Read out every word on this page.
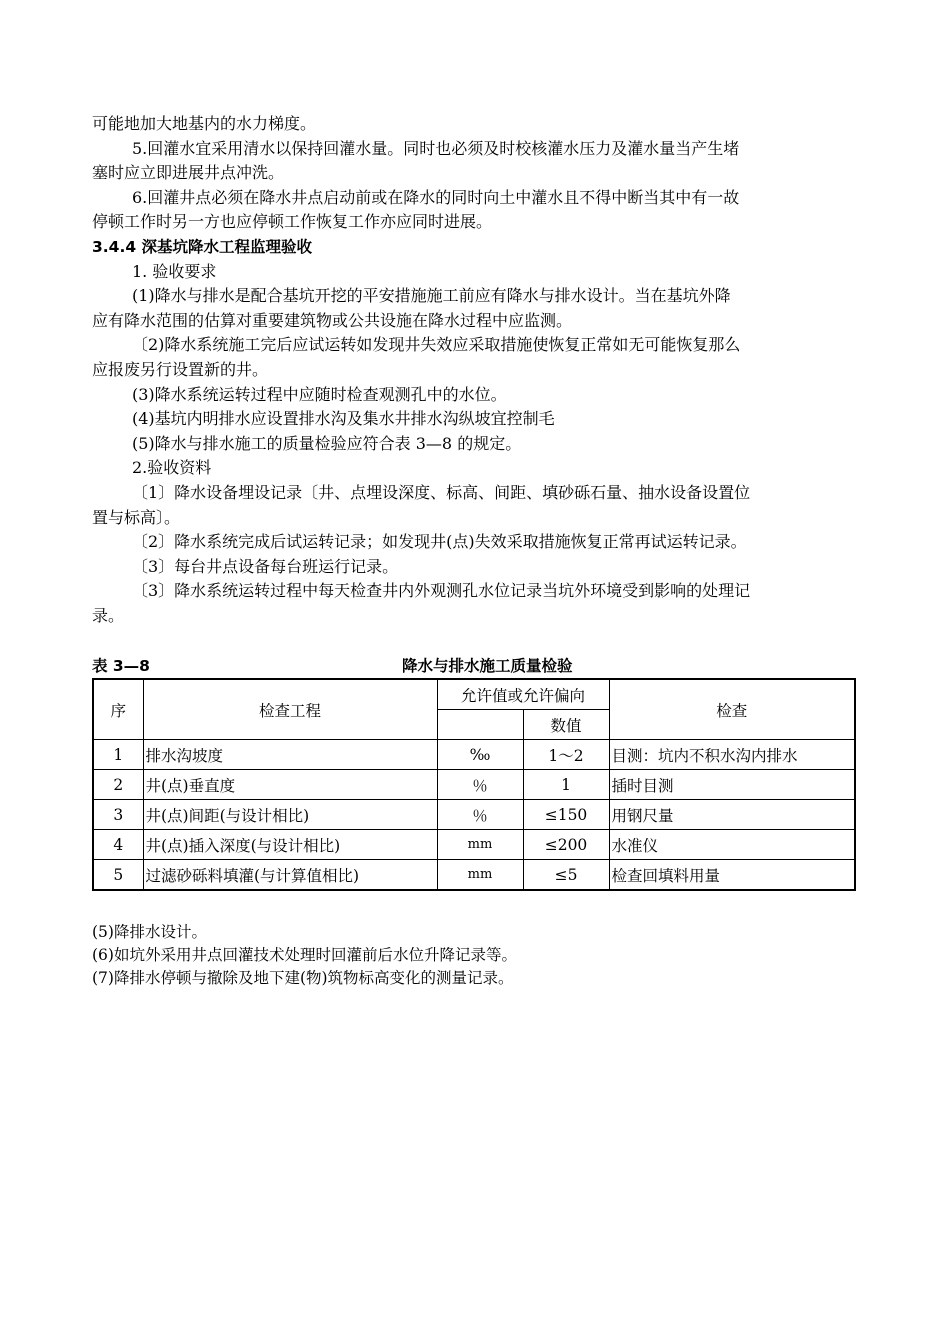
可能地加大地基内的水力梯度。
5.回灌水宜采用清水以保持回灌水量。同时也必须及时校核灌水压力及灌水量当产生堵
塞时应立即进展井点冲洗。
6.回灌井点必须在降水井点启动前或在降水的同时向土中灌水且不得中断当其中有一故
停顿工作时另一方也应停顿工作恢复工作亦应同时进展。
3.4.4 深基坑降水工程监理验收
1. 验收要求
(1)降水与排水是配合基坑开挖的平安措施施工前应有降水与排水设计。当在基坑外降
应有降水范围的估算对重要建筑物或公共设施在降水过程中应监测。
〔2)降水系统施工完后应试运转如发现井失效应采取措施使恢复正常如无可能恢复那么
应报废另行设置新的井。
(3)降水系统运转过程中应随时检查观测孔中的水位。
(4)基坑内明排水应设置排水沟及集水井排水沟纵坡宜控制毛
(5)降水与排水施工的质量检验应符合表 3—8 的规定。
2.验收资料
〔1〕降水设备埋设记录〔井、点埋设深度、标高、间距、填砂砾石量、抽水设备设置位
置与标高〕。
〔2〕降水系统完成后试运转记录；如发现井(点)失效采取措施恢复正常再试运转记录。
〔3〕每台井点设备每台班运行记录。
〔3〕降水系统运转过程中每天检查井内外观测孔水位记录当坑外环境受到影响的处理记
录。
表 3—8	降水与排水施工质量检验
序	检查工程	允许值或允许偏向		检查
			数值	
1	排水沟坡度	‰	1～2	目测：坑内不积水沟内排水
2	井(点)垂直度	％	1	插时目测
3	井(点)间距(与设计相比)	％	≤150	用钢尺量
4	井(点)插入深度(与设计相比)	mm	≤200	水准仪
5	过滤砂砾料填灌(与计算值相比)	mm	≤5	检查回填料用量
(5)降排水设计。
(6)如坑外采用井点回灌技术处理时回灌前后水位升降记录等。
(7)降排水停顿与撤除及地下建(物)筑物标高变化的测量记录。
